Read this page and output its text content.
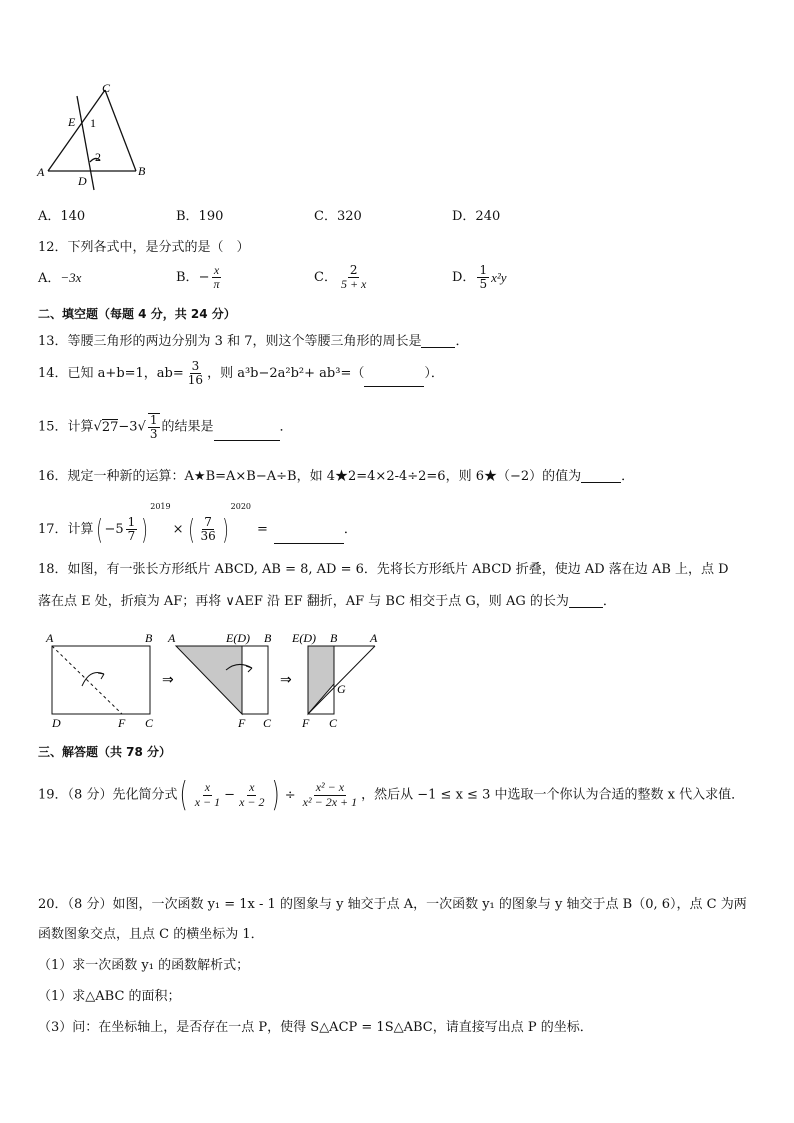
C
E 1
2
A
D
B
A．140	B．190	C．320	D．240
12．下列各式中，是分式的是（　）
A．−3x	B．− $\frac{x}{\pi}$	C． $\frac{2}{5 + x}$	D． $\frac{1}{5} x^2y$
二、填空题（每题 4 分，共 24 分）
13．等腰三角形的两边分别为 3 和 7，则这个等腰三角形的周长是	．
14．已知 a+b=1，$ab= \frac{3}{16}$ ，则 a³b−2a²b²+ ab³=（	）．
15．计算$√27-3√ \frac{1}{3}$ 的结果是	．
16．规定一种新的运算：A★B=A×B−A÷B，如 4★2=4×2-4÷2=6，则 6★（−2）的值为	．
17．计算( $-5 \frac{1}{7} )^{2019}\times$ ( $\frac{7}{36} )^{2020}=$	．
18．如图，有一张长方形纸片 ABCD, AB = 8, AD = 6．先将长方形纸片 ABCD 折叠，使边 AD 落在边 AB 上，点 D
落在点 E 处，折痕为 AF；再将 ∨AEF 沿 EF 翻折，AF 与 BC 相交于点 G，则 AG 的长为	．
A	B
D	F C
⇒
A	E(D) B
F C
⇒
E(D) B	A
G
F C
三、解答题（共 78 分）
19．（8 分）先化简分式( $\frac{x}{x - 1} - \frac{x}{x - 2}$ ) ÷ $\frac{\text{x² − x}}{\text{x² − 2x + 1}}$ ，然后从 −1 ≤ x ≤ 3 中选取一个你认为合适的整数 x 代入求值．
20．（8 分）如图，一次函数 y₁ = 1x - 1 的图象与 y 轴交于点 A，一次函数 y₁ 的图象与 y 轴交于点 B（0, 6），点 C 为两
函数图象交点，且点 C 的横坐标为 1．
（1）求一次函数 y₁ 的函数解析式；
（1）求△ABC 的面积；
（3）问：在坐标轴上，是否存在一点 P，使得 S△ACP = 1S△ABC，请直接写出点 P 的坐标．
